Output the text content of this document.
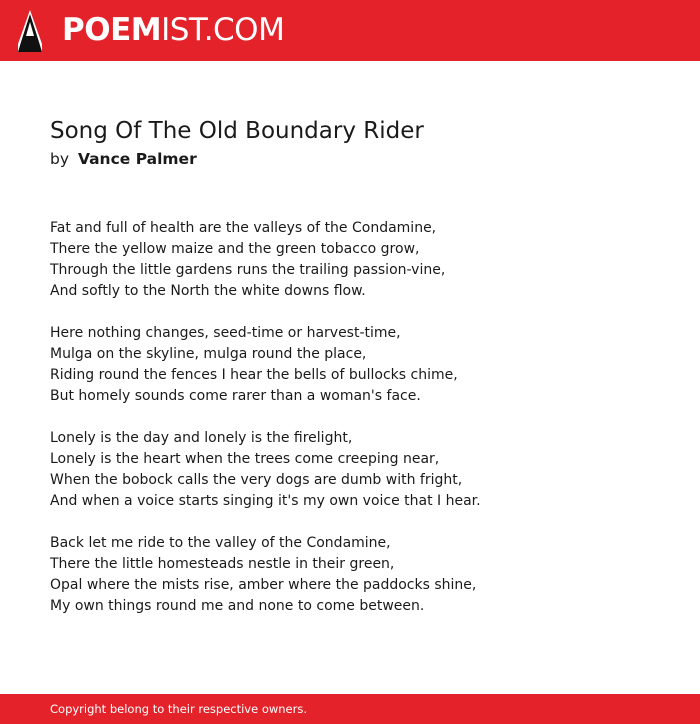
POEMIST.COM
Song Of The Old Boundary Rider
by Vance Palmer
Fat and full of health are the valleys of the Condamine,
There the yellow maize and the green tobacco grow,
Through the little gardens runs the trailing passion-vine,
And softly to the North the white downs flow.
Here nothing changes, seed-time or harvest-time,
Mulga on the skyline, mulga round the place,
Riding round the fences I hear the bells of bullocks chime,
But homely sounds come rarer than a woman's face.
Lonely is the day and lonely is the firelight,
Lonely is the heart when the trees come creeping near,
When the bobock calls the very dogs are dumb with fright,
And when a voice starts singing it's my own voice that I hear.
Back let me ride to the valley of the Condamine,
There the little homesteads nestle in their green,
Opal where the mists rise, amber where the paddocks shine,
My own things round me and none to come between.
Copyright belong to their respective owners.
